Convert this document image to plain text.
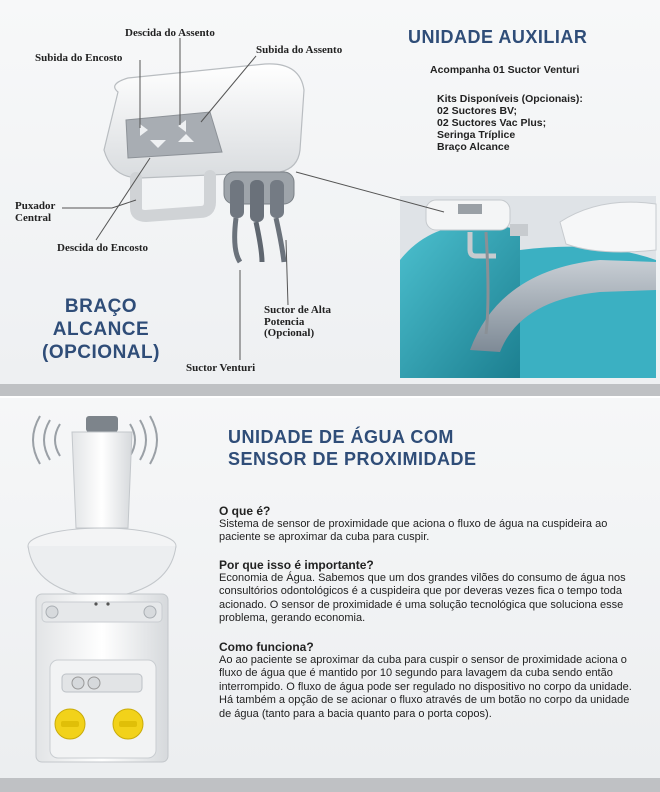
UNIDADE AUXILIAR
Acompanha 01 Suctor Venturi
Kits Disponíveis (Opcionais):
02 Suctores BV;
02 Suctores Vac Plus;
Seringa Tríplice
Braço Alcance
Descida do Assento
Subida do Assento
Subida do Encosto
Puxador
Central
Descida do Encosto
Suctor de Alta
Potencia
(Opcional)
Suctor Venturi
BRAÇO
ALCANCE
(OPCIONAL)
UNIDADE DE ÁGUA COM
SENSOR DE PROXIMIDADE
O que é?

Sistema de sensor de proximidade que aciona o fluxo de água na cuspideira ao paciente se aproximar da cuba para cuspir.

Por que isso é importante?

Economia de Água. Sabemos que um dos grandes vilões do consumo de água nos consultórios odontológicos é a cuspideira que por deveras vezes fica o tempo toda acionado. O sensor de proximidade é uma solução tecnológica que soluciona esse problema, gerando economia.

Como funciona?

Ao ao paciente se aproximar da cuba para cuspir o sensor de proximidade aciona o fluxo de água que é mantido por 10 segundo para lavagem da cuba sendo então interrompido. O fluxo de água pode ser regulado no dispositivo no corpo da unidade. Há também a opção de se acionar o fluxo através de um botão no corpo da unidade de água (tanto para a bacia quanto para o porta copos).
